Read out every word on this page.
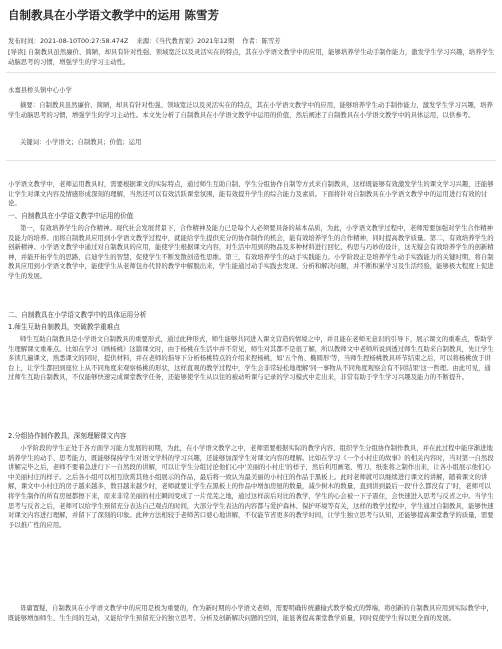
自制教具在小学语文教学中的运用 陈雪芳
发布时间：2021-08-10T00:27:58.474Z 来源：《当代教育家》2021年12期 作者：陈雪芳
[导读] 自制教具虽然廉价、简陋，却具有针对性强、领域宽泛以及灵活实在的特点，其在小学语文教学中的应用，能够培养学生动手制作能力，激发学生学习兴趣，培养学生动脑思考的习惯，增强学生的学习主动性。

永嘉县桥头镇中心小学

摘要：自制教具虽然廉价、简陋，却具有针对性强、领域宽泛以及灵活实在的特点，其在小学语文教学中的应用，能够培养学生动手制作能力，激发学生学习兴趣，培养学生动脑思考的习惯，增强学生的学习主动性。本文先分析了自制教具在小学语文教学中运用的价值，然后阐述了自制教具在小学语文教学中的具体运用，以供参考。

关键词：小学语文；自制教具；价值；运用

小学语文教学中，老师运用教具时，需要根据课文的实际特点，通过师生互助自制、学生分组协作自制等方式来自制教具，这样既能够有效激发学生的课文学习兴趣，还能够让学生对课文内容及情感形成深刻的理解，当然还可以有效活跃课堂氛围，能有效提升学生的综合能力及素质。下面将针对自制教具在小学语文教学中的运用进行有效的讨论。

一、自制教具在小学语文教学中运用的价值

第一，有效培养学生的合作精神。现代社会发展背景下，合作精神及能力已是每个人必须要具备的基本品质，为此，小学语文教学过程中，老师需要加强对学生合作精神及能力的培养。而将自制教具应用到小学语文教学过程中，就能给学生提供充分的协作制作的机会，能有效培养学生的合作精神，同时提高教学质量。第二，有效培养学生的创新精神。小学语文教学中通过对自制教具的应用，能使学生根据课文内容，对生活中用到的物品及多种材料进行回忆、构思与巧妙的设计，这无疑会有效培养学生的创新精神，并能开拓学生的思路、启迪学生的智慧，促使学生不断发散创造性思维。第三，有效培养学生的动手实践能力。小学阶段正是培养学生动手实践能力的关键时期，将自制教具应用到小学语文教学中，能使学生从老师包办代替的教学中解脱出来，学生能通过动手实践去发现、分析和解决问题，并不断积累学习及生活经验，能够极大程度上促进学生的发展。

二、自制教具在小学语文教学中的具体运用分析

1.师生互助自制教具，突破教学重难点

师生互助自制教具是小学语文自制教具的重要形式，通过此种形式，师生能够共同进入课文营造的情境之中，并且能在老师无意识的引导下，展示课文的重难点，帮助学生理解课文重难点。比如在学习《画杨桃》这篇课文时，由于杨桃在生活中并不常见，师生对其都不是很了解，所以教师文中老师所说到透过师生互助来自制教具，先让学生多读几遍课文，熟悉课文的同时，提供材料，并在老师的指导下分析杨桃特点的介绍来捏杨桃，如'五个角、椭圆形'等，当师生捏杨桃教具环节结束之后，可以将杨桃放于讲台上，让学生都回到座位上从不同角度来观察杨桃的形状，这样直观的教学过程中，学生会非常轻松地理解'同一事物从不同角度观察会有不同结果'这一哲理。由此可见，通过师生互助自制教具，不仅能够快速完成课堂教学任务，还能够使学生从以往的被动听课与记录的学习模式中走出来，非常有助于学生学习兴趣及能力的不断提升。

2.分组协作制作教具，深刻理解课文内容

小学阶段的学生正处于各方面学习能力发展的初期，为此，在小学语文教学之中，老师需要根据实际的教学内容，组织学生分组协作制作教具，并在此过程中能序渐进地培养学生的动手、思考能力，既能够保持学生对语文学科的学习兴趣，还能够加深学生对课文内容的理解。比如在学习《一个小村庄的故事》的相关内容时，当对第一自然段讲解完毕之后，老师不要着急进行下一自然段的讲解，可以让学生分组讨论他们心中'美丽的小村庄'的样子，然后利用画笔、剪刀、纸张将之制作出来，让各小组展示他们心中美丽村庄的样子。之后各小组可以相互欣赏其他小组展示的作品，最后将一致认为最美丽的小村庄的作品于黑板上。此时老师就可以继续进行课文的讲解，随着课文的讲解，课文中小村庄的房子越来越多，数目越来越少时，老师就要让学生在黑板上的作品中增加房屋的数量，减少树木的数量，直到讲到最后一段'什么都没有了'时，老师可以将学生制作的所有房屋都擦下来，原来非常美丽的村庄瞬间变成了一片荒芜之地，通过这样前后对比的教学，学生的心会被一下子震住，会快速进入思考与反省之中。当学生思考与反省之后，老师可以给学生预留充分表达自己观点的时间，大部分学生表达的内容都与爱护森林、保护环境等有关，这样的教学过程中，学生通过自制教具，能够快速对课文内容进行理解，并留下了深刻的印象。此种方法相较于老师苦口婆心地讲解，不仅能节省更多的教学时间，让学生独立思考与认知，还能够提高课堂教学的质量，需要予以推广性的应用。

毋庸置疑，自制教具在小学语文教学中的应用是极为重要的，作为新时期的小学语文老师，需要明确传统灌输式教学模式的弊端，将创新的自制教具应用到实际教学中，既能够增加师生、生生间的互动，又能给学生预留充分的独立思考、分析及创新解决问题的空间，能显著提高课堂教学质量，同时促使学生得以更全面的发展。
